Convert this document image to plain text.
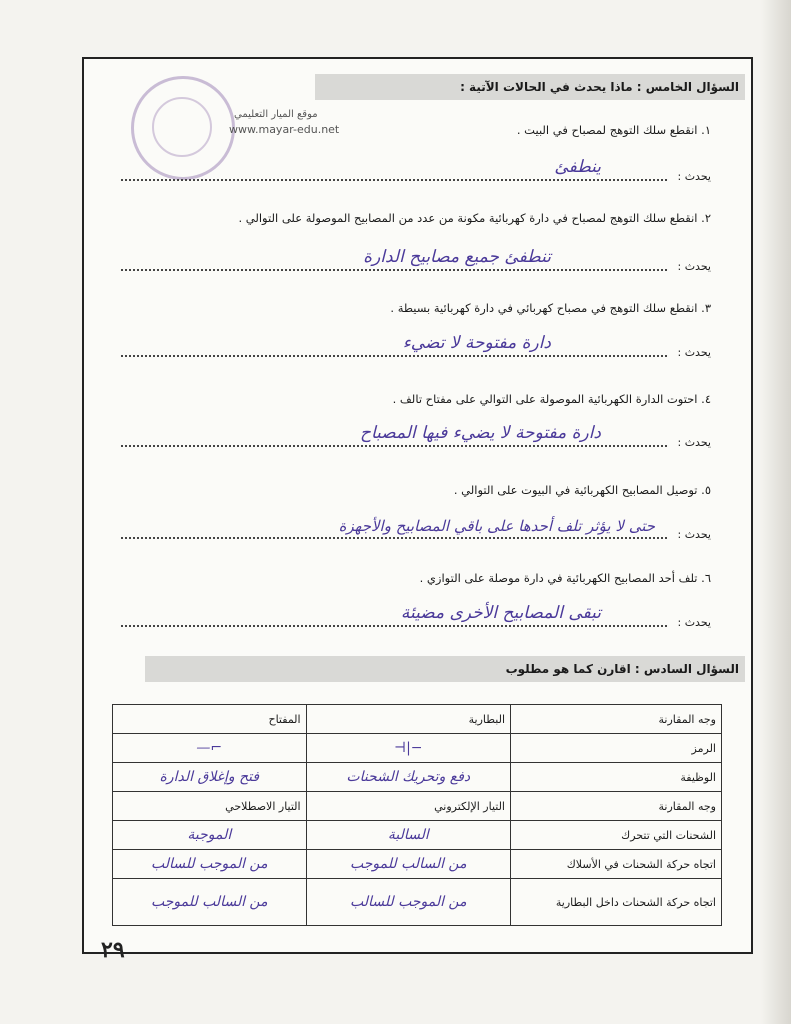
السؤال الخامس : ماذا يحدث في الحالات الآتية :
موقع الميار التعليمي
www.mayar-edu.net	١. انقطع سلك التوهج لمصباح في البيت .
يحدث :
ينطفئ
٢. انقطع سلك التوهج لمصباح في دارة كهربائية مكونة من عدد من المصابيح الموصولة على التوالي .
يحدث :
تنطفئ جميع مصابيح الدارة
٣. انقطع سلك التوهج في مصباح كهربائي في دارة كهربائية بسيطة .
يحدث :
دارة مفتوحة لا تضيء
٤. احتوت الدارة الكهربائية الموصولة على التوالي على مفتاح تالف .
يحدث :
دارة مفتوحة لا يضيء فيها المصباح
٥. توصيل المصابيح الكهربائية في البيوت على التوالي .
يحدث :
حتى لا يؤثر تلف أحدها على باقي المصابيح والأجهزة
٦. تلف أحد المصابيح الكهربائية في دارة موصلة على التوازي .
يحدث :
تبقى المصابيح الأخرى مضيئة
السؤال السادس : اقارن كما هو مطلوب
وجه المقارنة	البطارية	المفتاح
الرمز	−|⊢	⌐—
الوظيفة	دفع وتحريك الشحنات	فتح وإغلاق الدارة
وجه المقارنة	التيار الإلكتروني	التيار الاصطلاحي
الشحنات التي تتحرك	السالبة	الموجبة
اتجاه حركة الشحنات في الأسلاك	من السالب للموجب	من الموجب للسالب
اتجاه حركة الشحنات داخل البطارية	من الموجب للسالب	من السالب للموجب
٢٩
